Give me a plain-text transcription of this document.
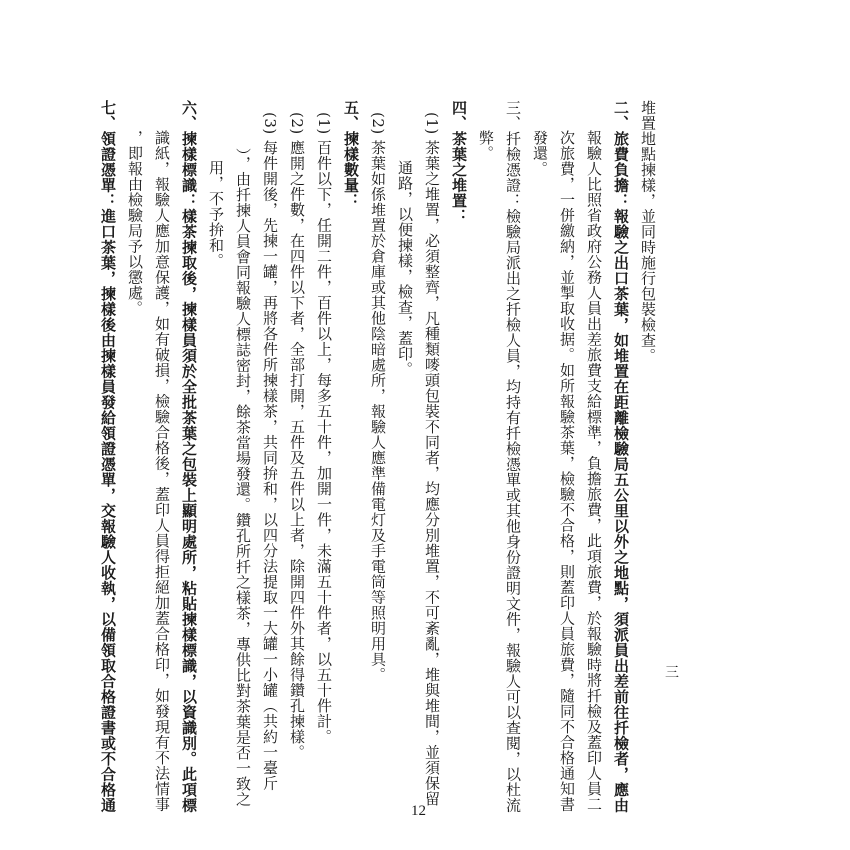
堆置地點揀樣，並同時施行包裝檢查。
二、旅費負擔：報驗之出口茶葉，如堆置在距離檢驗局五公里以外之地點，須派員出差前往扦檢者，應由
報驗人比照省政府公務人員出差旅費支給標準，負擔旅費，此項旅費，於報驗時將扦檢及蓋印人員二
次旅費，一併繳納，並掣取收据。如所報驗茶葉，檢驗不合格，則蓋印人員旅費，隨同不合格通知書
發還。
三、扦檢憑證：檢驗局派出之扦檢人員，均持有扦檢憑單或其他身份證明文件，報驗人可以查閱，以杜流
弊。
四、茶葉之堆置：
(1) 茶葉之堆置，必須整齊，凡種類嘜頭包裝不同者，均應分別堆置，不可紊亂，堆與堆間，並須保留
通路，以便揀樣，檢查，蓋印。
(2) 茶葉如係堆置於倉庫或其他陰暗處所，報驗人應準備電灯及手電筒等照明用具。
五、揀樣數量：
(1) 百件以下，任開二件，百件以上，每多五十件，加開一件，未滿五十件者，以五十件計。
(2) 應開之件數，在四件以下者，全部打開，五件及五件以上者，除開四件外其餘得鑽孔揀樣。
(3) 每件開後，先揀一罐，再將各件所揀樣茶，共同拚和，以四分法提取一大罐一小罐（共約一臺斤
），由扦揀人員會同報驗人標誌密封，餘茶當場發還。鑽孔所扦之樣茶，專供比對茶葉是否一致之
用，不予拚和。
六、揀樣標識：樣茶揀取後，揀樣員須於全批茶葉之包裝上顯明處所，粘貼揀樣標識，以資識別。此項標
識紙，報驗人應加意保護，如有破損，檢驗合格後，蓋印人員得拒絕加蓋合格印，如發現有不法情事
，即報由檢驗局予以懲處。
七、領證憑單：進口茶葉，揀樣後由揀樣員發給領證憑單，交報驗人收執，以備領取合格證書或不合格通	三
12
